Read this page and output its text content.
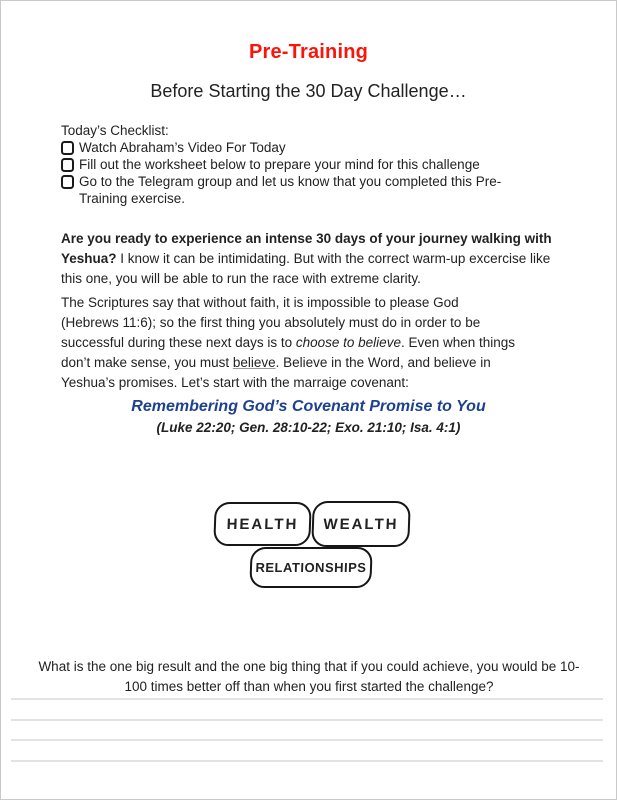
Pre-Training
Before Starting the 30 Day Challenge…
Today’s Checklist:
Watch Abraham’s Video For Today
Fill out the worksheet below to prepare your mind for this challenge
Go to the Telegram group and let us know that you completed this Pre-Training exercise.
Are you ready to experience an intense 30 days of your journey walking with Yeshua? I know it can be intimidating. But with the correct warm-up excercise like this one, you will be able to run the race with extreme clarity.
The Scriptures say that without faith, it is impossible to please God (Hebrews 11:6); so the first thing you absolutely must do in order to be successful during these next days is to choose to believe. Even when things don’t make sense, you must believe. Believe in the Word, and believe in Yeshua’s promises. Let’s start with the marraige covenant:
Remembering God’s Covenant Promise to You
(Luke 22:20; Gen. 28:10-22; Exo. 21:10; Isa. 4:1)
HEALTH WEALTH
RELATIONSHIPS
What is the one big result and the one big thing that if you could achieve, you would be 10-100 times better off than when you first started the challenge?
